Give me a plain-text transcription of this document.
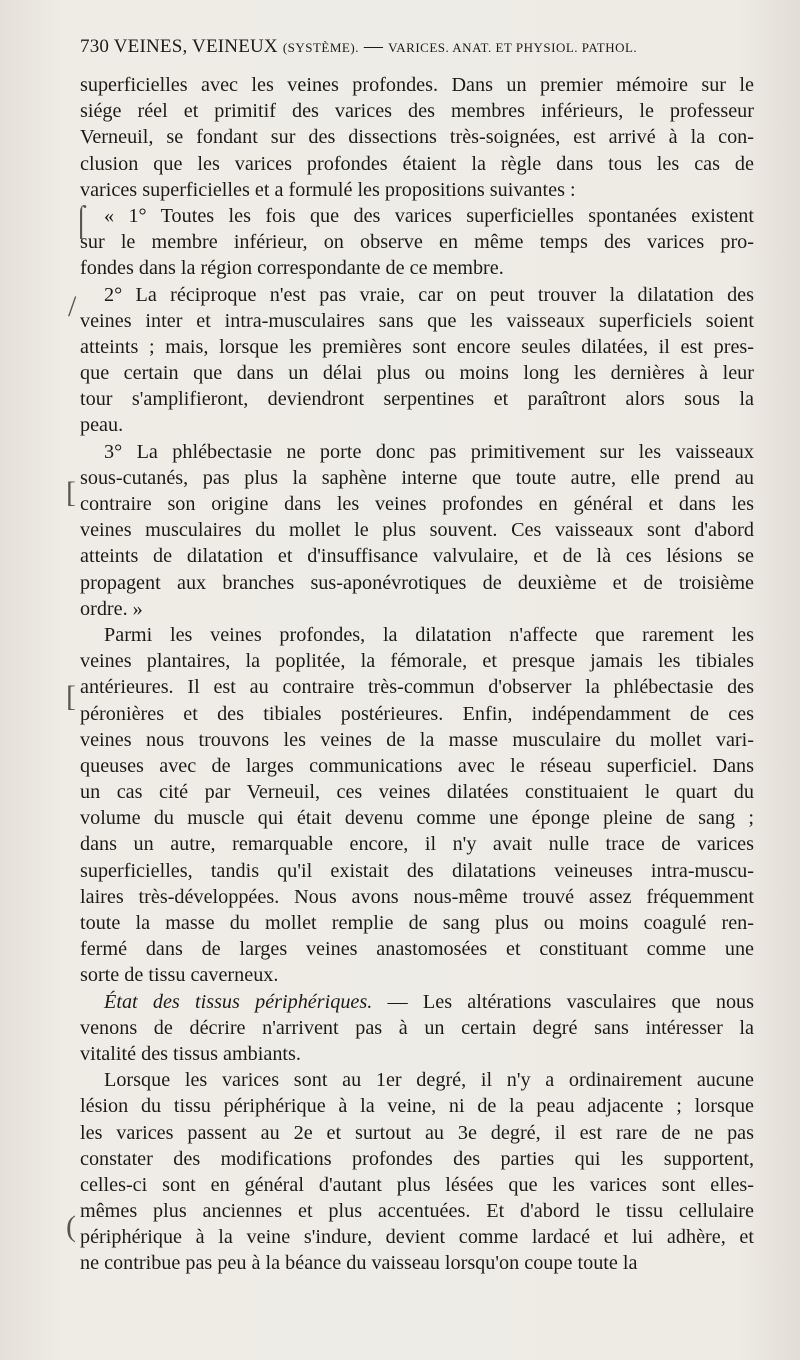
730 VEINES, VEINEUX (SYSTÈME). — VARICES. ANAT. ET PHYSIOL. PATHOL.
superficielles avec les veines profondes. Dans un premier mémoire sur le
siége réel et primitif des varices des membres inférieurs, le professeur
Verneuil, se fondant sur des dissections très-soignées, est arrivé à la con-
clusion que les varices profondes étaient la règle dans tous les cas de
varices superficielles et a formulé les propositions suivantes :
« 1° Toutes les fois que des varices superficielles spontanées existent
sur le membre inférieur, on observe en même temps des varices pro-
fondes dans la région correspondante de ce membre.
2° La réciproque n'est pas vraie, car on peut trouver la dilatation des
veines inter et intra-musculaires sans que les vaisseaux superficiels soient
atteints ; mais, lorsque les premières sont encore seules dilatées, il est pres-
que certain que dans un délai plus ou moins long les dernières à leur
tour s'amplifieront, deviendront serpentines et paraîtront alors sous la
peau.
3° La phlébectasie ne porte donc pas primitivement sur les vaisseaux
sous-cutanés, pas plus la saphène interne que toute autre, elle prend au
contraire son origine dans les veines profondes en général et dans les
veines musculaires du mollet le plus souvent. Ces vaisseaux sont d'abord
atteints de dilatation et d'insuffisance valvulaire, et de là ces lésions se
propagent aux branches sus-aponévrotiques de deuxième et de troisième
ordre. »
Parmi les veines profondes, la dilatation n'affecte que rarement les
veines plantaires, la poplitée, la fémorale, et presque jamais les tibiales
antérieures. Il est au contraire très-commun d'observer la phlébectasie des
péronières et des tibiales postérieures. Enfin, indépendamment de ces
veines nous trouvons les veines de la masse musculaire du mollet vari-
queuses avec de larges communications avec le réseau superficiel. Dans
un cas cité par Verneuil, ces veines dilatées constituaient le quart du
volume du muscle qui était devenu comme une éponge pleine de sang ;
dans un autre, remarquable encore, il n'y avait nulle trace de varices
superficielles, tandis qu'il existait des dilatations veineuses intra-muscu-
laires très-développées. Nous avons nous-même trouvé assez fréquemment
toute la masse du mollet remplie de sang plus ou moins coagulé ren-
fermé dans de larges veines anastomosées et constituant comme une
sorte de tissu caverneux.
État des tissus périphériques. — Les altérations vasculaires que nous
venons de décrire n'arrivent pas à un certain degré sans intéresser la
vitalité des tissus ambiants.
Lorsque les varices sont au 1er degré, il n'y a ordinairement aucune
lésion du tissu périphérique à la veine, ni de la peau adjacente ; lorsque
les varices passent au 2e et surtout au 3e degré, il est rare de ne pas
constater des modifications profondes des parties qui les supportent,
celles-ci sont en général d'autant plus lésées que les varices sont elles-
mêmes plus anciennes et plus accentuées. Et d'abord le tissu cellulaire
périphérique à la veine s'indure, devient comme lardacé et lui adhère, et
ne contribue pas peu à la béance du vaisseau lorsqu'on coupe toute la
⌠
/
[
[
(
